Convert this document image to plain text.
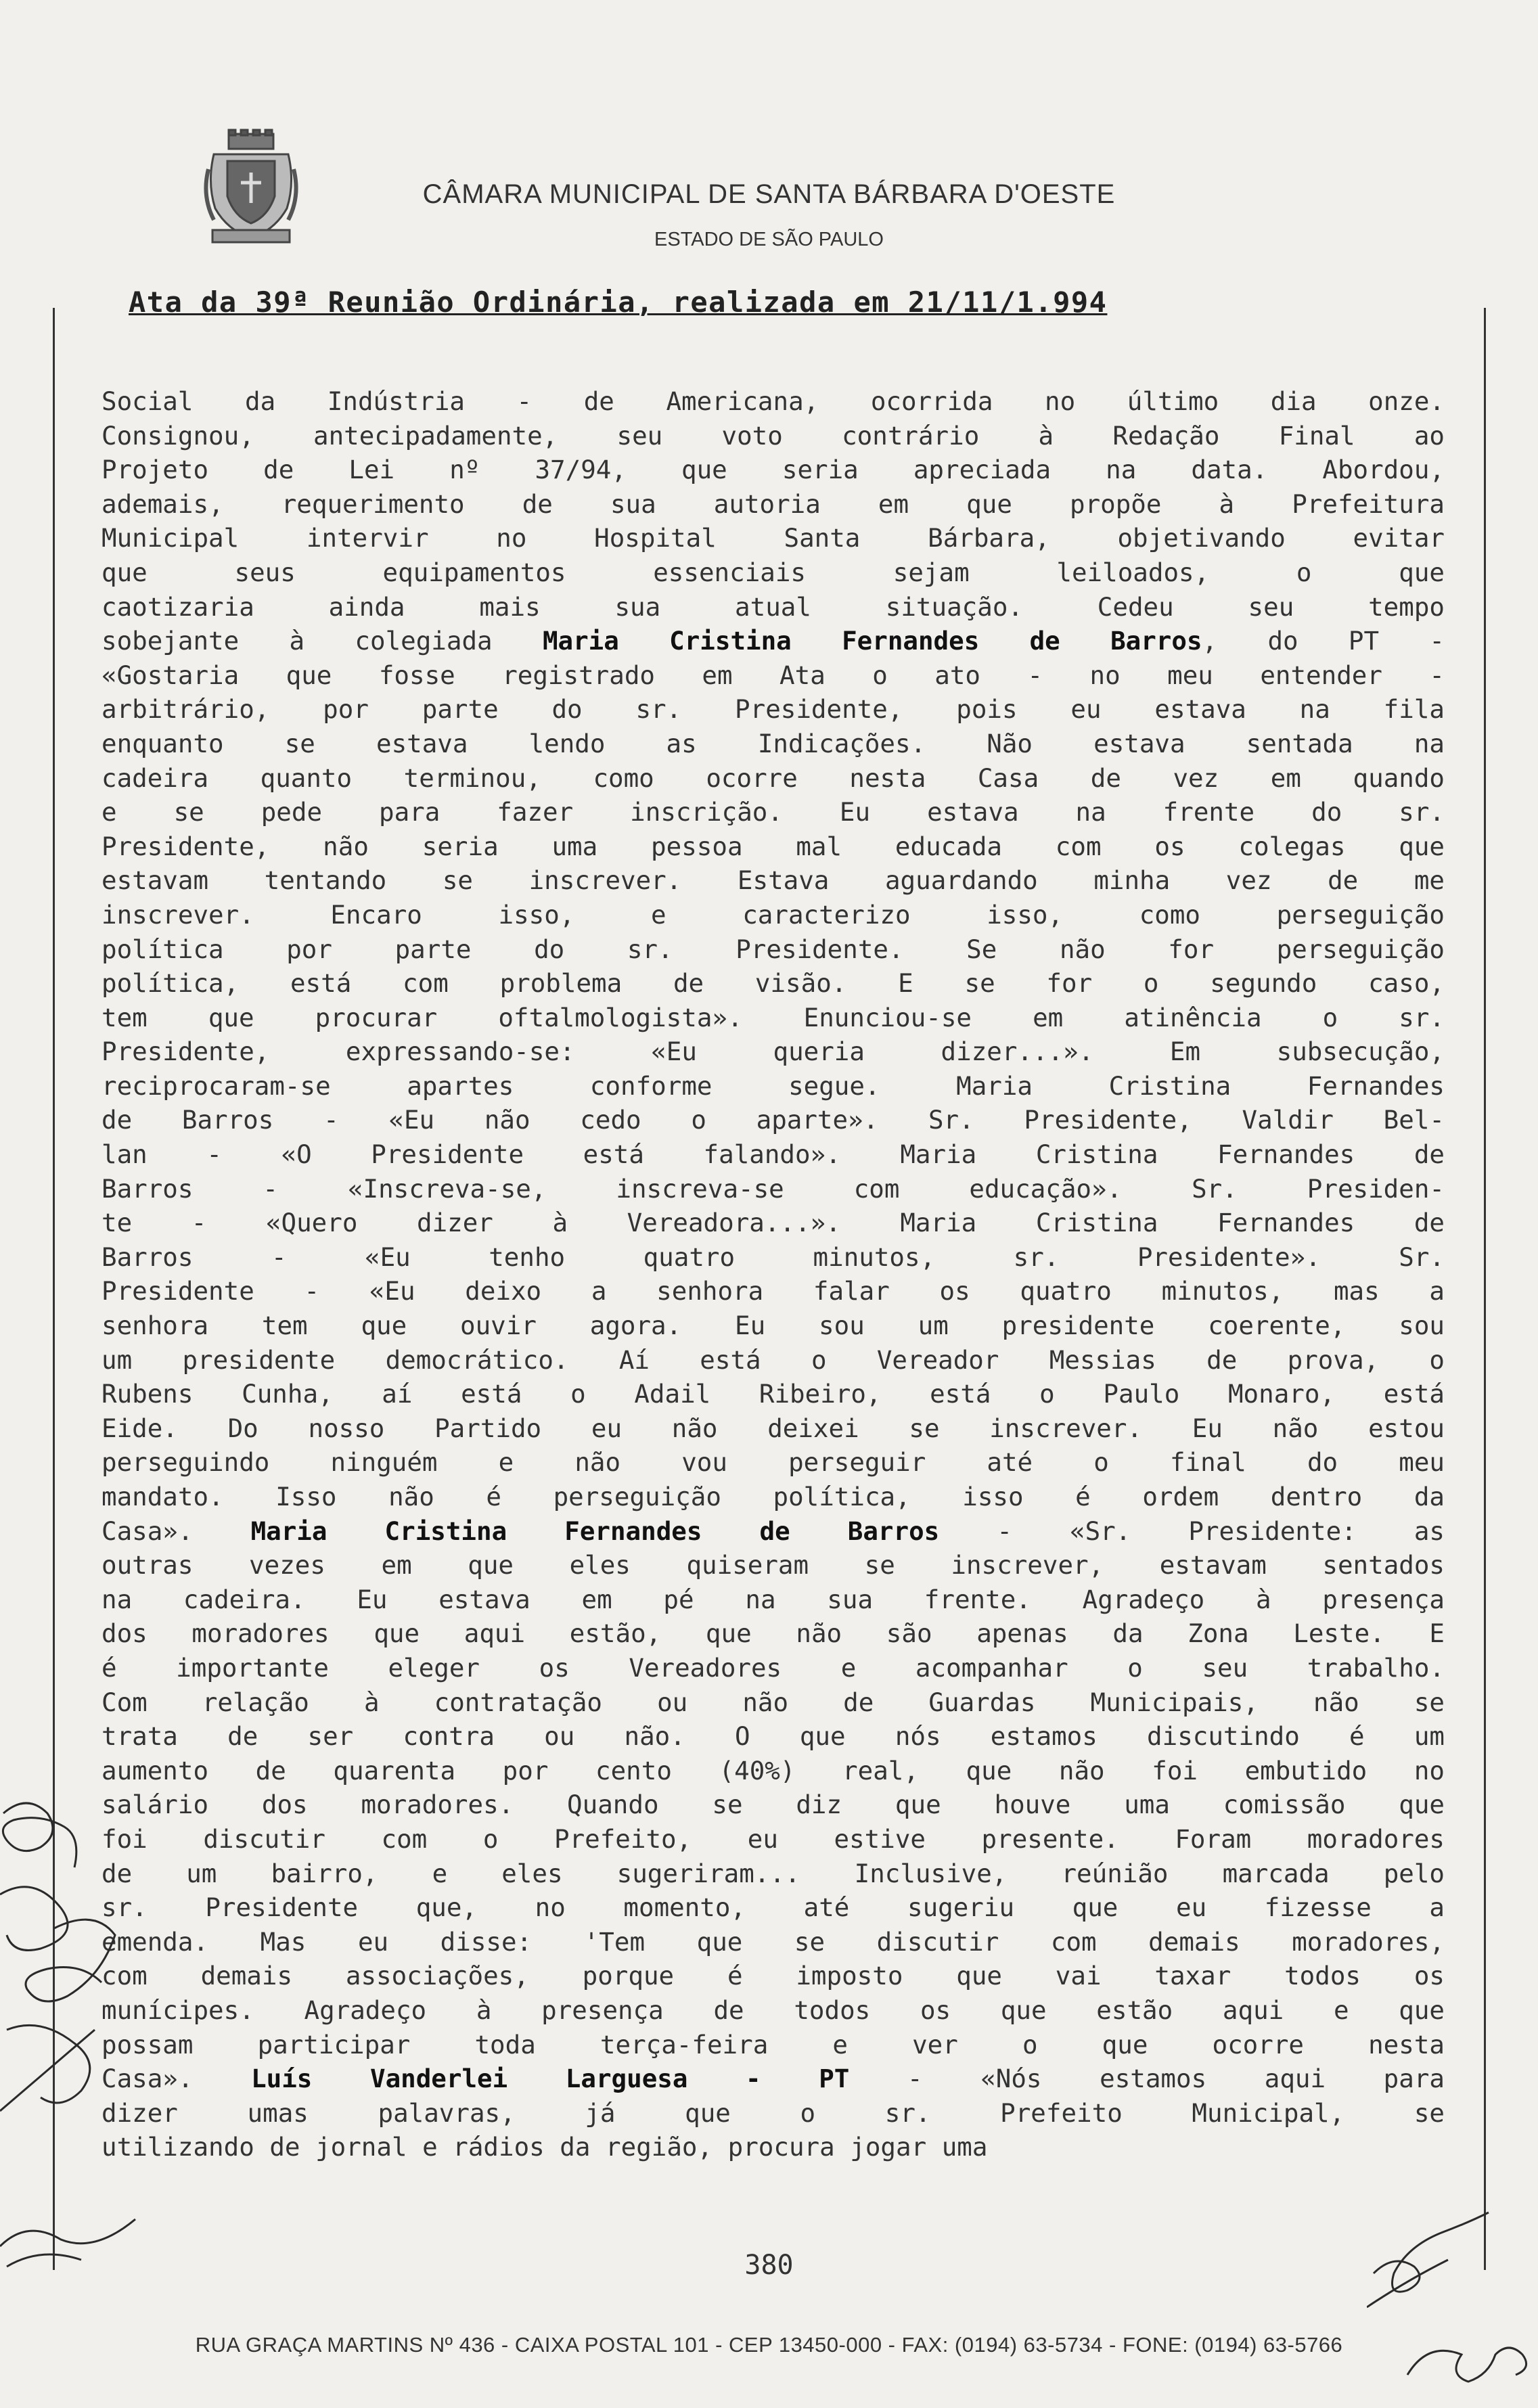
CÂMARA MUNICIPAL DE SANTA BÁRBARA D'OESTE
ESTADO DE SÃO PAULO
Ata da 39ª Reunião Ordinária, realizada em 21/11/1.994
Social da Indústria - de Americana, ocorrida no último dia onze.
Consignou, antecipadamente, seu voto contrário à Redação Final ao
Projeto de Lei nº 37/94, que seria apreciada na data. Abordou,
ademais, requerimento de sua autoria em que propõe à Prefeitura
Municipal intervir no Hospital Santa Bárbara, objetivando evitar
que seus equipamentos essenciais sejam leiloados, o que
caotizaria ainda mais sua atual situação. Cedeu seu tempo
sobejante à colegiada Maria Cristina Fernandes de Barros, do PT -
«Gostaria que fosse registrado em Ata o ato - no meu entender -
arbitrário, por parte do sr. Presidente, pois eu estava na fila
enquanto se estava lendo as Indicações. Não estava sentada na
cadeira quanto terminou, como ocorre nesta Casa de vez em quando
e se pede para fazer inscrição. Eu estava na frente do sr.
Presidente, não seria uma pessoa mal educada com os colegas que
estavam tentando se inscrever. Estava aguardando minha vez de me
inscrever. Encaro isso, e caracterizo isso, como perseguição
política por parte do sr. Presidente. Se não for perseguição
política, está com problema de visão. E se for o segundo caso,
tem que procurar oftalmologista». Enunciou-se em atinência o sr.
Presidente, expressando-se: «Eu queria dizer...». Em subsecução,
reciprocaram-se apartes conforme segue. Maria Cristina Fernandes
de Barros - «Eu não cedo o aparte». Sr. Presidente, Valdir Bel-
lan - «O Presidente está falando». Maria Cristina Fernandes de
Barros - «Inscreva-se, inscreva-se com educação». Sr. Presiden-
te - «Quero dizer à Vereadora...». Maria Cristina Fernandes de
Barros - «Eu tenho quatro minutos, sr. Presidente». Sr.
Presidente - «Eu deixo a senhora falar os quatro minutos, mas a
senhora tem que ouvir agora. Eu sou um presidente coerente, sou
um presidente democrático. Aí está o Vereador Messias de prova, o
Rubens Cunha, aí está o Adail Ribeiro, está o Paulo Monaro, está
Eide. Do nosso Partido eu não deixei se inscrever. Eu não estou
perseguindo ninguém e não vou perseguir até o final do meu
mandato. Isso não é perseguição política, isso é ordem dentro da
Casa». Maria Cristina Fernandes de Barros - «Sr. Presidente: as
outras vezes em que eles quiseram se inscrever, estavam sentados
na cadeira. Eu estava em pé na sua frente. Agradeço à presença
dos moradores que aqui estão, que não são apenas da Zona Leste. E
é importante eleger os Vereadores e acompanhar o seu trabalho.
Com relação à contratação ou não de Guardas Municipais, não se
trata de ser contra ou não. O que nós estamos discutindo é um
aumento de quarenta por cento (40%) real, que não foi embutido no
salário dos moradores. Quando se diz que houve uma comissão que
foi discutir com o Prefeito, eu estive presente. Foram moradores
de um bairro, e eles sugeriram... Inclusive, reúnião marcada pelo
sr. Presidente que, no momento, até sugeriu que eu fizesse a
emenda. Mas eu disse: 'Tem que se discutir com demais moradores,
com demais associações, porque é imposto que vai taxar todos os
munícipes. Agradeço à presença de todos os que estão aqui e que
possam participar toda terça-feira e ver o que ocorre nesta
Casa». Luís Vanderlei Larguesa - PT - «Nós estamos aqui para
dizer umas palavras, já que o sr. Prefeito Municipal, se
utilizando de jornal e rádios da região, procura jogar uma
380
RUA GRAÇA MARTINS Nº 436 - CAIXA POSTAL 101 - CEP 13450-000 - FAX: (0194) 63-5734 - FONE: (0194) 63-5766
